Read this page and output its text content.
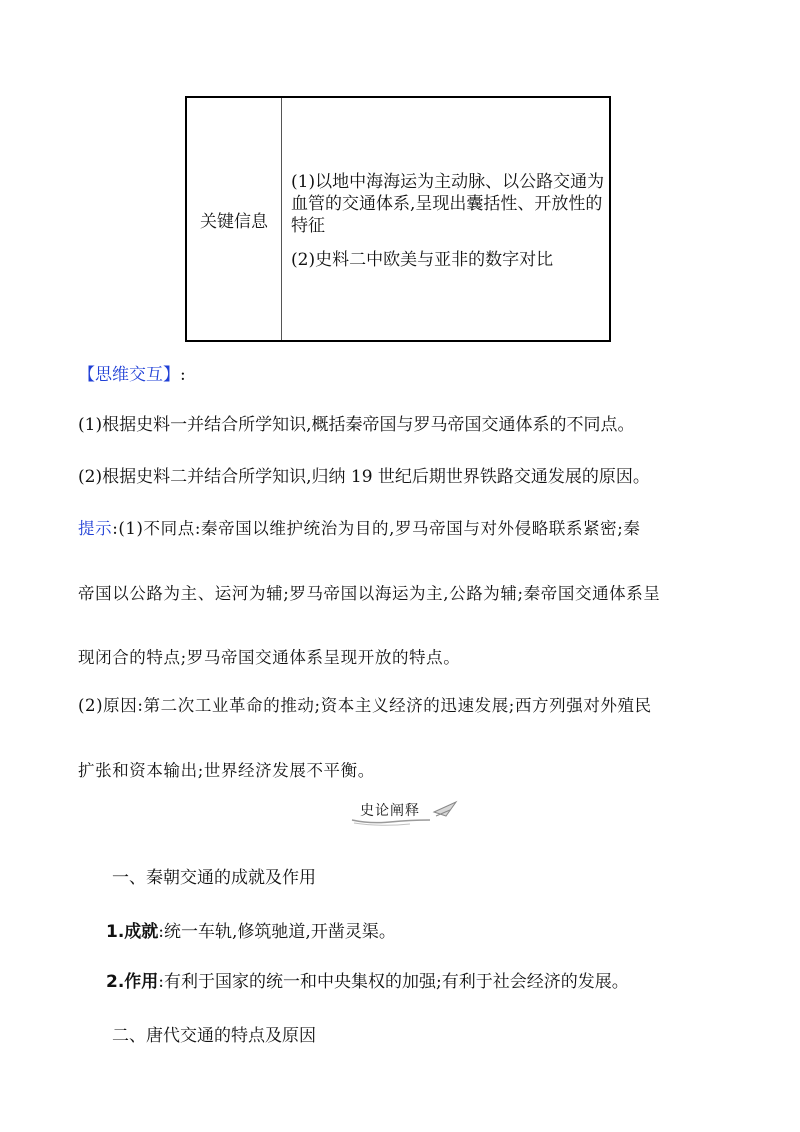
关键信息

(1)以地中海海运为主动脉、以公路交通为血管的交通体系,呈现出囊括性、开放性的特征

(2)史料二中欧美与亚非的数字对比

【思维交互】:
(1)根据史料一并结合所学知识,概括秦帝国与罗马帝国交通体系的不同点。
(2)根据史料二并结合所学知识,归纳 19 世纪后期世界铁路交通发展的原因。
提示:(1)不同点:秦帝国以维护统治为目的,罗马帝国与对外侵略联系紧密;秦
帝国以公路为主、运河为辅;罗马帝国以海运为主,公路为辅;秦帝国交通体系呈
现闭合的特点;罗马帝国交通体系呈现开放的特点。
(2)原因:第二次工业革命的推动;资本主义经济的迅速发展;西方列强对外殖民
扩张和资本输出;世界经济发展不平衡。
史论阐释
一、秦朝交通的成就及作用
1.成就:统一车轨,修筑驰道,开凿灵渠。
2.作用:有利于国家的统一和中央集权的加强;有利于社会经济的发展。
二、唐代交通的特点及原因
